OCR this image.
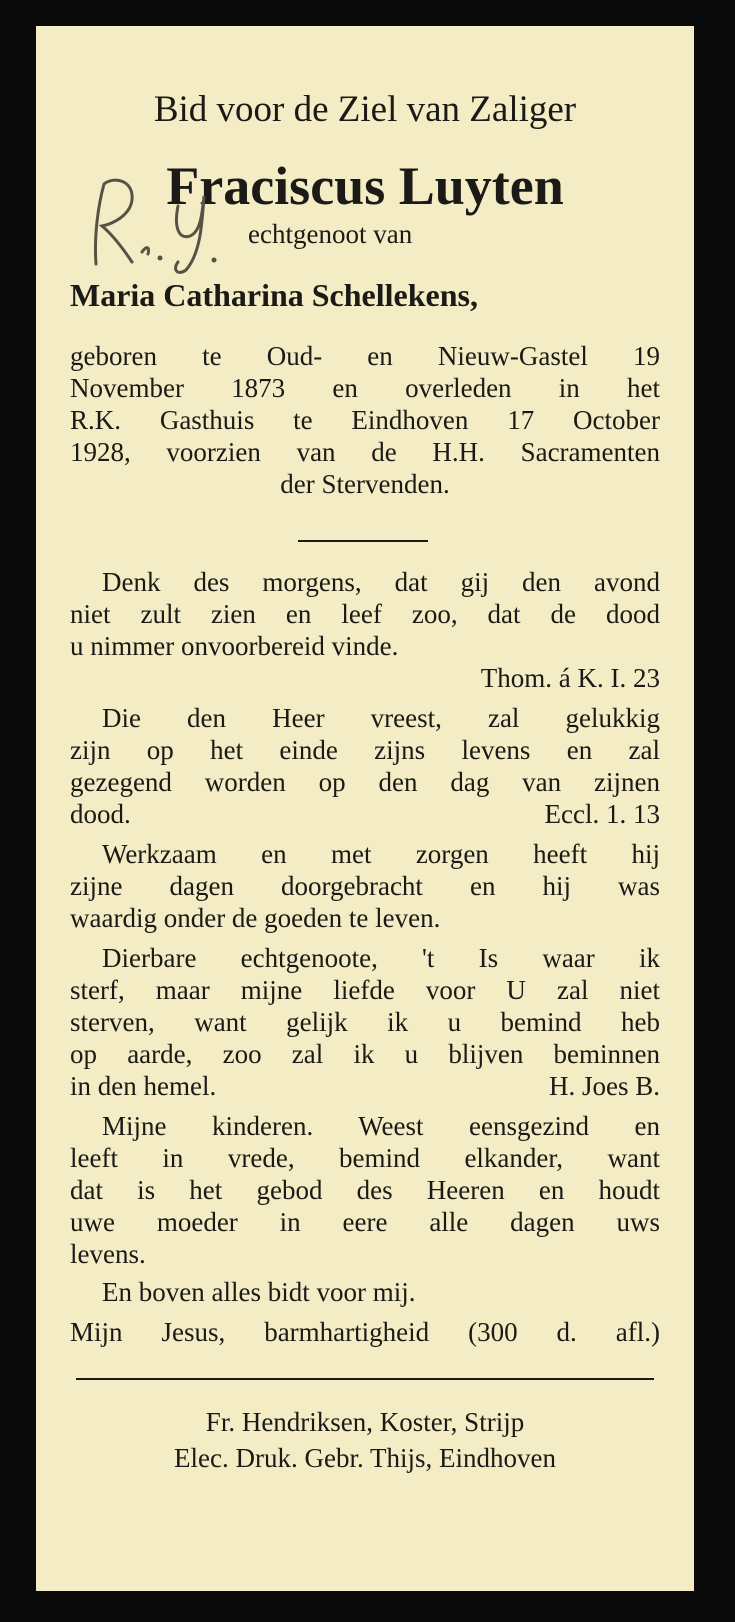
Bid voor de Ziel van Zaliger

Fraciscus Luyten

echtgenoot van

Maria Catharina Schellekens,

geboren te Oud- en Nieuw-Gastel 19

November 1873 en overleden in het

R.K. Gasthuis te Eindhoven 17 October

1928, voorzien van de H.H. Sacramenten

der Stervenden.

Denk des morgens, dat gij den avond

niet zult zien en leef zoo, dat de dood

u nimmer onvoorbereid vinde.

Thom. á K. I. 23

Die den Heer vreest, zal gelukkig

zijn op het einde zijns levens en zal

gezegend worden op den dag van zijnen

dood.	Eccl. 1. 13

Werkzaam en met zorgen heeft hij

zijne dagen doorgebracht en hij was

waardig onder de goeden te leven.

Dierbare echtgenoote, 't Is waar ik

sterf, maar mijne liefde voor U zal niet

sterven, want gelijk ik u bemind heb

op aarde, zoo zal ik u blijven beminnen

in den hemel.	H. Joes B.

Mijne kinderen. Weest eensgezind en

leeft in vrede, bemind elkander, want

dat is het gebod des Heeren en houdt

uwe moeder in eere alle dagen uws

levens.

En boven alles bidt voor mij.

Mijn Jesus, barmhartigheid (300 d. afl.)

Fr. Hendriksen, Koster, Strijp

Elec. Druk. Gebr. Thijs, Eindhoven
